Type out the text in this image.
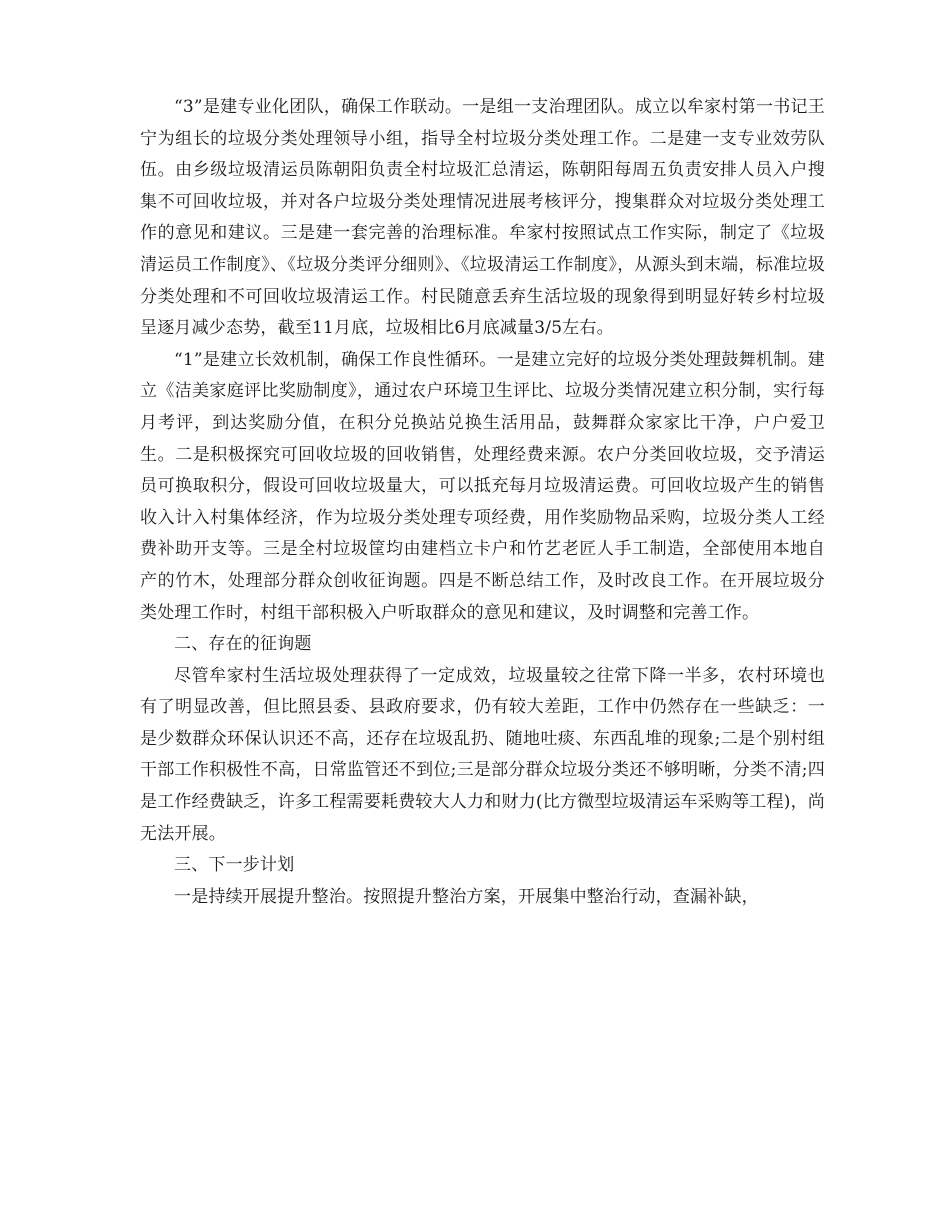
“3”是建专业化团队，确保工作联动。一是组一支治理团队。成立以牟家村第一书记王宁为组长的垃圾分类处理领导小组，指导全村垃圾分类处理工作。二是建一支专业效劳队伍。由乡级垃圾清运员陈朝阳负责全村垃圾汇总清运，陈朝阳每周五负责安排人员入户搜集不可回收垃圾，并对各户垃圾分类处理情况进展考核评分，搜集群众对垃圾分类处理工作的意见和建议。三是建一套完善的治理标准。牟家村按照试点工作实际，制定了《垃圾清运员工作制度》、《垃圾分类评分细则》、《垃圾清运工作制度》，从源头到末端，标准垃圾分类处理和不可回收垃圾清运工作。村民随意丢弃生活垃圾的现象得到明显好转乡村垃圾呈逐月减少态势，截至11月底，垃圾相比6月底减量3/5左右。

“1”是建立长效机制，确保工作良性循环。一是建立完好的垃圾分类处理鼓舞机制。建立《洁美家庭评比奖励制度》，通过农户环境卫生评比、垃圾分类情况建立积分制，实行每月考评，到达奖励分值，在积分兑换站兑换生活用品，鼓舞群众家家比干净，户户爱卫生。二是积极探究可回收垃圾的回收销售，处理经费来源。农户分类回收垃圾，交予清运员可换取积分，假设可回收垃圾量大，可以抵充每月垃圾清运费。可回收垃圾产生的销售收入计入村集体经济，作为垃圾分类处理专项经费，用作奖励物品采购，垃圾分类人工经费补助开支等。三是全村垃圾筐均由建档立卡户和竹艺老匠人手工制造，全部使用本地自产的竹木，处理部分群众创收征询题。四是不断总结工作，及时改良工作。在开展垃圾分类处理工作时，村组干部积极入户听取群众的意见和建议，及时调整和完善工作。

二、存在的征询题

尽管牟家村生活垃圾处理获得了一定成效，垃圾量较之往常下降一半多，农村环境也有了明显改善，但比照县委、县政府要求，仍有较大差距，工作中仍然存在一些缺乏：一是少数群众环保认识还不高，还存在垃圾乱扔、随地吐痰、东西乱堆的现象;二是个别村组干部工作积极性不高，日常监管还不到位;三是部分群众垃圾分类还不够明晰，分类不清;四是工作经费缺乏，许多工程需要耗费较大人力和财力(比方微型垃圾清运车采购等工程)，尚无法开展。

三、下一步计划

一是持续开展提升整治。按照提升整治方案，开展集中整治行动，查漏补缺，
